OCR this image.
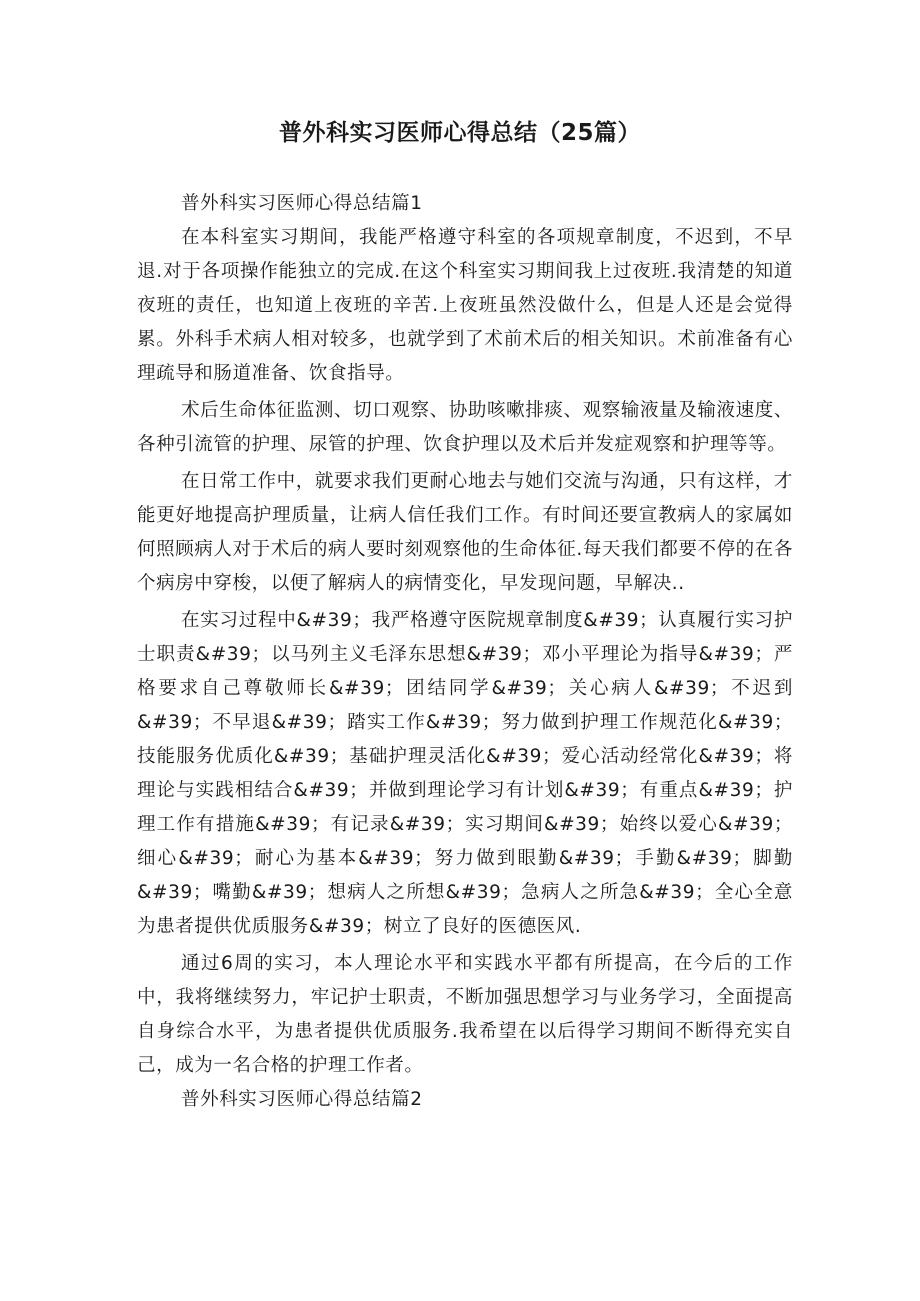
普外科实习医师心得总结（25篇）

普外科实习医师心得总结篇1

在本科室实习期间，我能严格遵守科室的各项规章制度，不迟到，不早退.对于各项操作能独立的完成.在这个科室实习期间我上过夜班.我清楚的知道夜班的责任，也知道上夜班的辛苦.上夜班虽然没做什么，但是人还是会觉得累。外科手术病人相对较多，也就学到了术前术后的相关知识。术前准备有心理疏导和肠道准备、饮食指导。

术后生命体征监测、切口观察、协助咳嗽排痰、观察输液量及输液速度、各种引流管的护理、尿管的护理、饮食护理以及术后并发症观察和护理等等。

在日常工作中，就要求我们更耐心地去与她们交流与沟通，只有这样，才能更好地提高护理质量，让病人信任我们工作。有时间还要宣教病人的家属如何照顾病人对于术后的病人要时刻观察他的生命体征.每天我们都要不停的在各个病房中穿梭，以便了解病人的病情变化，早发现问题，早解决..

在实习过程中&#39；我严格遵守医院规章制度&#39；认真履行实习护士职责&#39；以马列主义毛泽东思想&#39；邓小平理论为指导&#39；严格要求自己尊敬师长&#39；团结同学&#39；关心病人&#39；不迟到&#39；不早退&#39；踏实工作&#39；努力做到护理工作规范化&#39；技能服务优质化&#39；基础护理灵活化&#39；爱心活动经常化&#39；将理论与实践相结合&#39；并做到理论学习有计划&#39；有重点&#39；护理工作有措施&#39；有记录&#39；实习期间&#39；始终以爱心&#39；细心&#39；耐心为基本&#39；努力做到眼勤&#39；手勤&#39；脚勤&#39；嘴勤&#39；想病人之所想&#39；急病人之所急&#39；全心全意为患者提供优质服务&#39；树立了良好的医德医风.

通过6周的实习，本人理论水平和实践水平都有所提高，在今后的工作中，我将继续努力，牢记护士职责，不断加强思想学习与业务学习，全面提高自身综合水平，为患者提供优质服务.我希望在以后得学习期间不断得充实自己，成为一名合格的护理工作者。

普外科实习医师心得总结篇2
